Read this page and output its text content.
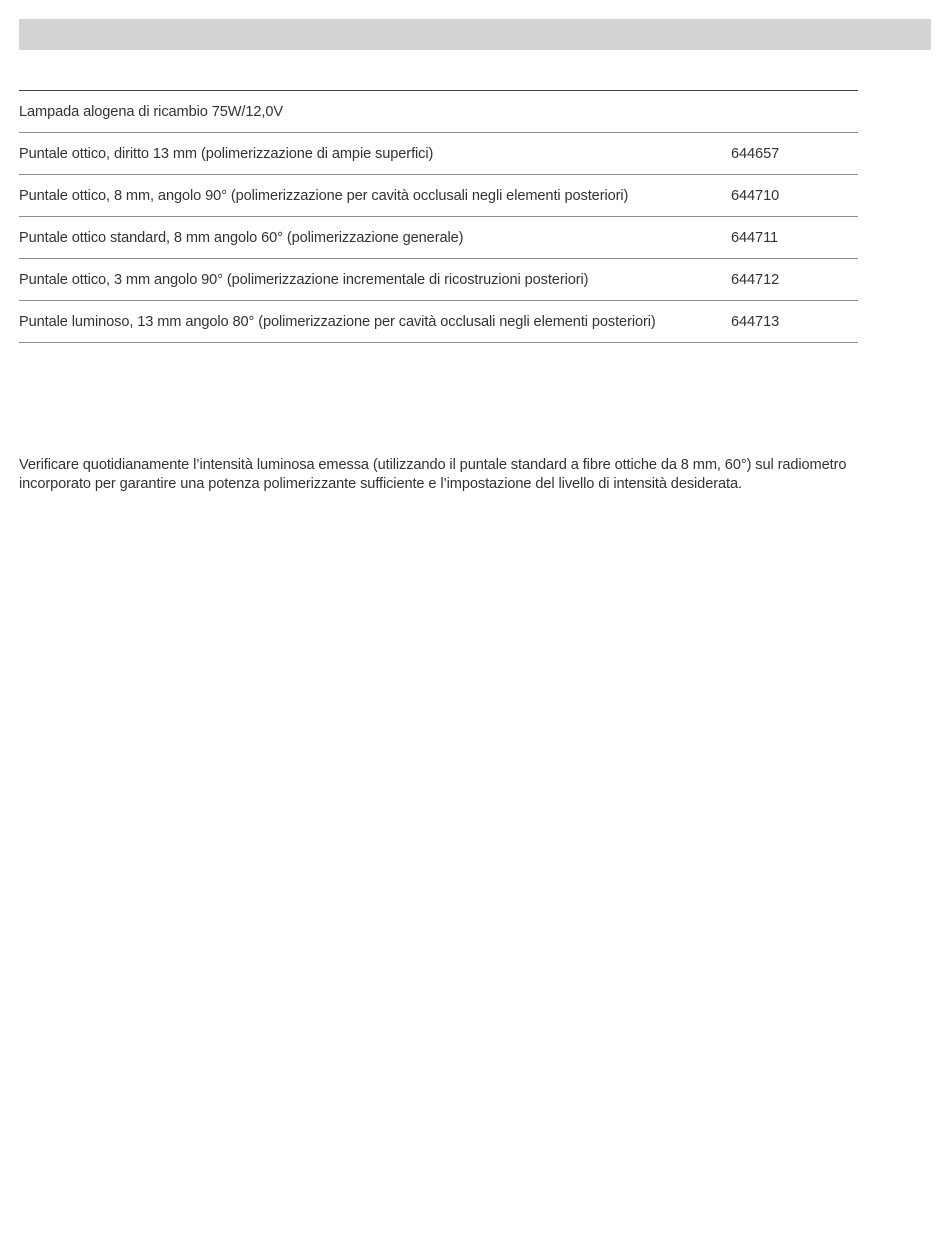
Lampada alogena di ricambio 75W/12,0V
Puntale ottico, diritto 13 mm (polimerizzazione di ampie superfici)	644657
Puntale ottico, 8 mm, angolo 90° (polimerizzazione per cavità occlusali negli elementi posteriori)	644710
Puntale ottico standard, 8 mm angolo 60° (polimerizzazione generale)	644711
Puntale ottico, 3 mm angolo 90° (polimerizzazione incrementale di ricostruzioni posteriori)	644712
Puntale luminoso, 13 mm angolo 80° (polimerizzazione per cavità occlusali negli elementi posteriori)	644713
Verificare quotidianamente l’intensità luminosa emessa (utilizzando il puntale standard a fibre ottiche da 8 mm, 60°) sul radiometro
incorporato per garantire una potenza polimerizzante sufficiente e l’impostazione del livello di intensità desiderata.
